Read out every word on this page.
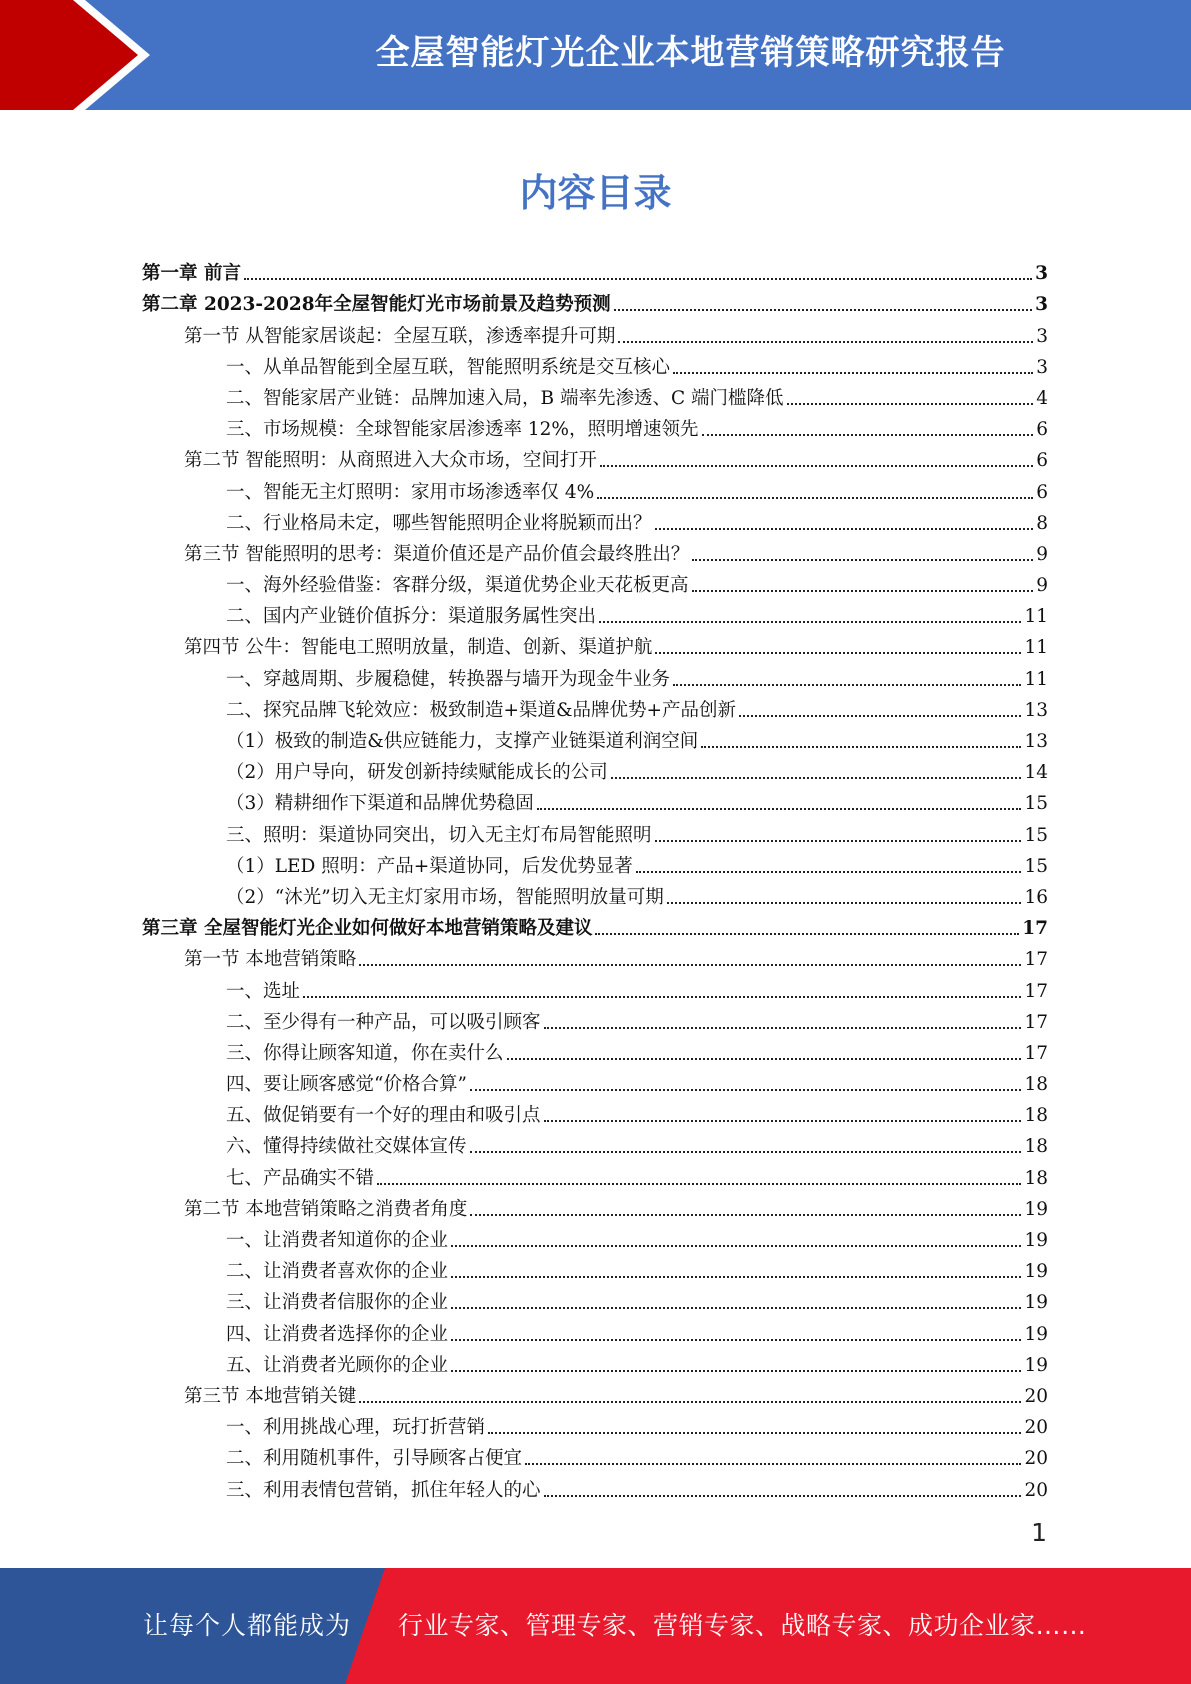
全屋智能灯光企业本地营销策略研究报告
内容目录
第一章 前言	3
第二章 2023-2028年全屋智能灯光市场前景及趋势预测	3
第一节 从智能家居谈起：全屋互联，渗透率提升可期	3
一、从单品智能到全屋互联，智能照明系统是交互核心	3
二、智能家居产业链：品牌加速入局，B 端率先渗透、C 端门槛降低	4
三、市场规模：全球智能家居渗透率 12%，照明增速领先	6
第二节 智能照明：从商照进入大众市场，空间打开	6
一、智能无主灯照明：家用市场渗透率仅 4%	6
二、行业格局未定，哪些智能照明企业将脱颖而出？	8
第三节 智能照明的思考：渠道价值还是产品价值会最终胜出？	9
一、海外经验借鉴：客群分级，渠道优势企业天花板更高	9
二、国内产业链价值拆分：渠道服务属性突出	11
第四节 公牛：智能电工照明放量，制造、创新、渠道护航	11
一、穿越周期、步履稳健，转换器与墙开为现金牛业务	11
二、探究品牌飞轮效应：极致制造+渠道&品牌优势+产品创新	13
（1）极致的制造&供应链能力，支撑产业链渠道利润空间	13
（2）用户导向，研发创新持续赋能成长的公司	14
（3）精耕细作下渠道和品牌优势稳固	15
三、照明：渠道协同突出，切入无主灯布局智能照明	15
（1）LED 照明：产品+渠道协同，后发优势显著	15
（2）“沐光”切入无主灯家用市场，智能照明放量可期	16
第三章 全屋智能灯光企业如何做好本地营销策略及建议	17
第一节 本地营销策略	17
一、选址	17
二、至少得有一种产品，可以吸引顾客	17
三、你得让顾客知道，你在卖什么	17
四、要让顾客感觉“价格合算”	18
五、做促销要有一个好的理由和吸引点	18
六、懂得持续做社交媒体宣传	18
七、产品确实不错	18
第二节 本地营销策略之消费者角度	19
一、让消费者知道你的企业	19
二、让消费者喜欢你的企业	19
三、让消费者信服你的企业	19
四、让消费者选择你的企业	19
五、让消费者光顾你的企业	19
第三节 本地营销关键	20
一、利用挑战心理，玩打折营销	20
二、利用随机事件，引导顾客占便宜	20
三、利用表情包营销，抓住年轻人的心	20
1
让每个人都能成为 行业专家、管理专家、营销专家、战略专家、成功企业家……
